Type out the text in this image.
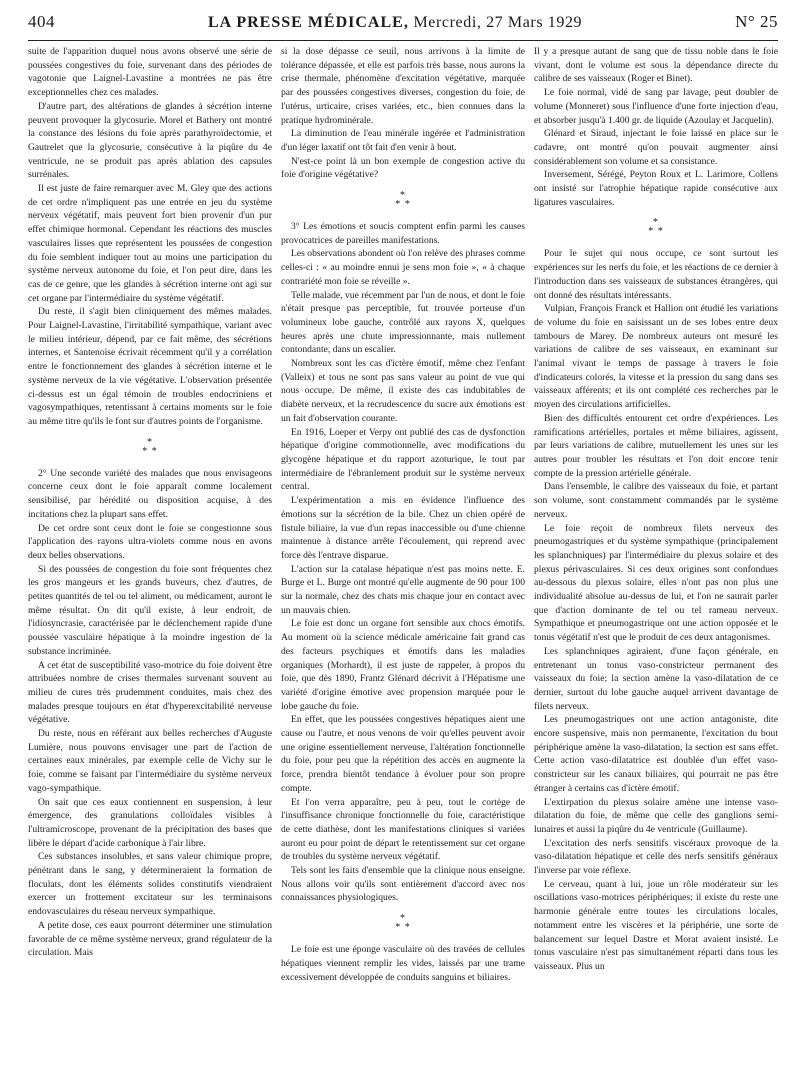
404	LA PRESSE MÉDICALE, Mercredi, 27 Mars 1929	N° 25

suite de l'apparition duquel nous avons observé une série de poussées congestives du foie, survenant dans des périodes de vagotonie que Laignel-Lavastine a montrées ne pas être exceptionnelles chez ces malades.

D'autre part, des altérations de glandes à sécrétion interne peuvent provoquer la glycosurie. Morel et Bathery ont montré la constance des lésions du foie après parathyroïdectomie, et Gautrelet que la glycosurie, consécutive à la piqûre du 4e ventricule, ne se produit pas après ablation des capsules surrénales.

Il est juste de faire remarquer avec M. Gley que des actions de cet ordre n'impliquent pas une entrée en jeu du système nerveux végétatif, mais peuvent fort bien provenir d'un pur effet chimique hormonal. Cependant les réactions des muscles vasculaires lisses que représentent les poussées de congestion du foie semblent indiquer tout au moins une participation du système nerveux autonome du foie, et l'on peut dire, dans les cas de ce genre, que les glandes à sécrétion interne ont agi sur cet organe par l'intermédiaire du système végétatif.

Du reste, il s'agit bien cliniquement des mêmes malades. Pour Laignel-Lavastine, l'irritabilité sympathique, variant avec le milieu intérieur, dépend, par ce fait même, des sécrétions internes, et Santenoise écrivait récemment qu'il y a corrélation entre le fonctionnement des glandes à sécrétion interne et le système nerveux de la vie végétative. L'observation présentée ci-dessus est un égal témoin de troubles endocriniens et vagosympathiques, retentissant à certains moments sur le foie au même titre qu'ils le font sur d'autres points de l'organisme.

*
* *

2° Une seconde variété des malades que nous envisageons concerne ceux dont le foie apparaît comme localement sensibilisé, par hérédité ou disposition acquise, à des incitations chez la plupart sans effet.

De cet ordre sont ceux dont le foie se congestionne sous l'application des rayons ultra-violets comme nous en avons deux belles observations.

Si des poussées de congestion du foie sont fréquentes chez les gros mangeurs et les grands buveurs, chez d'autres, de petites quantités de tel ou tel aliment, ou médicament, auront le même résultat. On dit qu'il existe, à leur endroit, de l'idiosyncrasie, caractérisée par le déclenchement rapide d'une poussée vasculaire hépatique à la moindre ingestion de la substance incriminée.

A cet état de susceptibilité vaso-motrice du foie doivent être attribuées nombre de crises thermales survenant souvent au milieu de cures très prudemment conduites, mais chez des malades presque toujours en état d'hyperexcitabilité nerveuse végétative.

Du reste, nous en référant aux belles recherches d'Auguste Lumière, nous pouvons envisager une part de l'action de certaines eaux minérales, par exemple celle de Vichy sur le foie, comme se faisant par l'intermédiaire du système nerveux vago-sympathique.

On sait que ces eaux contiennent en suspension, à leur émergence, des granulations colloïdales visibles à l'ultramicroscope, provenant de la précipitation des bases que libère le départ d'acide carbonique à l'air libre.

Ces substances insolubles, et sans valeur chimique propre, pénétrant dans le sang, y détermineraient la formation de floculats, dont les éléments solides constitutifs viendraient exercer un frottement excitateur sur les terminaisons endovasculaires du réseau nerveux sympathique.

A petite dose, ces eaux pourront déterminer une stimulation favorable de ce même système nerveux, grand régulateur de la circulation. Mais

si la dose dépasse ce seuil, nous arrivons à la limite de tolérance dépassée, et elle est parfois très basse, nous aurons la crise thermale, phénomène d'excitation végétative, marquée par des poussées congestives diverses, congestion du foie, de l'utérus, urticaire, crises variées, etc., bien connues dans la pratique hydrominérale.

La diminution de l'eau minérale ingérée et l'administration d'un léger laxatif ont tôt fait d'en venir à bout.

N'est-ce point là un bon exemple de congestion active du foie d'origine végétative?

*
* *

3° Les émotions et soucis comptent enfin parmi les causes provocatrices de pareilles manifestations.

Les observations abondent où l'on relève des phrases comme celles-ci : « au moindre ennui je sens mon foie », « à chaque contrariété mon foie se réveille ».

Telle malade, vue récemment par l'un de nous, et dont le foie n'était presque pas perceptible, fut trouvée porteuse d'un volumineux lobe gauche, contrôlé aux rayons X, quelques heures après une chute impressionnante, mais nullement contondante, dans un escalier.

Nombreux sont les cas d'ictère émotif, même chez l'enfant (Valleix) et tous ne sont pas sans valeur au point de vue qui nous occupe. De même, il existe des cas indubitables de diabète nerveux, et la recrudescence du sucre aux émotions est un fait d'observation courante.

En 1916, Loeper et Verpy ont publié des cas de dysfonction hépatique d'origine commotionnelle, avec modifications du glycogène hépatique et du rapport azoturique, le tout par intermédiaire de l'ébranlement produit sur le système nerveux central.

L'expérimentation a mis en évidence l'influence des émotions sur la sécrétion de la bile. Chez un chien opéré de fistule biliaire, la vue d'un repas inaccessible ou d'une chienne maintenue à distance arrête l'écoulement, qui reprend avec force dès l'entrave disparue.

L'action sur la catalase hépatique n'est pas moins nette. E. Burge et L. Burge ont montré qu'elle augmente de 90 pour 100 sur la normale, chez des chats mis chaque jour en contact avec un mauvais chien.

Le foie est donc un organe fort sensible aux chocs émotifs. Au moment où la science médicale américaine fait grand cas des facteurs psychiques et émotifs dans les maladies organiques (Morhardt), il est juste de rappeler, à propos du foie, que dès 1890, Frantz Glénard décrivit à l'Hépatisme une variété d'origine émotive avec propension marquée pour le lobe gauche du foie.

En effet, que les poussées congestives hépatiques aient une cause ou l'autre, et nous venons de voir qu'elles peuvent avoir une origine essentiellement nerveuse, l'altération fonctionnelle du foie, pour peu que la répétition des accès en augmente la force, prendra bientôt tendance à évoluer pour son propre compte.

Et l'on verra apparaître, peu à peu, tout le cortège de l'insuffisance chronique fonctionnelle du foie, caractéristique de cette diathèse, dont les manifestations cliniques si variées auront eu pour point de départ le retentissement sur cet organe de troubles du système nerveux végétatif.

Tels sont les faits d'ensemble que la clinique nous enseigne. Nous allons voir qu'ils sont entièrement d'accord avec nos connaissances physiologiques.

*
* *

Le foie est une éponge vasculaire où des travées de cellules hépatiques viennent remplir les vides, laissés par une trame excessivement développée de conduits sanguins et biliaires.

Il y a presque autant de sang que de tissu noble dans le foie vivant, dont le volume est sous la dépendance directe du calibre de ses vaisseaux (Roger et Binet).

Le foie normal, vidé de sang par lavage, peut doubler de volume (Monneret) sous l'influence d'une forte injection d'eau, et absorber jusqu'à 1.400 gr. de liquide (Azoulay et Jacquelin).

Glénard et Siraud, injectant le foie laissé en place sur le cadavre, ont montré qu'on pouvait augmenter ainsi considérablement son volume et sa consistance.

Inversement, Sérégé, Peyton Roux et L. Larimore, Collens ont insisté sur l'atrophie hépatique rapide consécutive aux ligatures vasculaires.

*
* *

Pour le sujet qui nous occupe, ce sont surtout les expériences sur les nerfs du foie, et les réactions de ce dernier à l'introduction dans ses vaisseaux de substances étrangères, qui ont donné des résultats intéressants.

Vulpian, François Franck et Hallion ont étudié les variations de volume du foie en saisissant un de ses lobes entre deux tambours de Marey. De nombreux auteurs ont mesuré les variations de calibre de ses vaisseaux, en examinant sur l'animal vivant le temps de passage à travers le foie d'indicateurs colorés, la vitesse et la pression du sang dans ses vaisseaux afférents; et ils ont complété ces recherches par le moyen des circulations artificielles.

Bien des difficultés entourent cet ordre d'expériences. Les ramifications artérielles, portales et même biliaires, agissent, par leurs variations de calibre, mutuellement les unes sur les autres pour troubler les résultats et l'on doit encore tenir compte de la pression artérielle générale.

Dans l'ensemble, le calibre des vaisseaux du foie, et partant son volume, sont constamment commandés par le système nerveux.

Le foie reçoit de nombreux filets nerveux des pneumogastriques et du système sympathique (principalement les splanchniques) par l'intermédiaire du plexus solaire et des plexus périvasculaires. Si ces deux origines sont confondues au-dessous du plexus solaire, elles n'ont pas non plus une individualité absolue au-dessus de lui, et l'on ne saurait parler que d'action dominante de tel ou tel rameau nerveux. Sympathique et pneumogastrique ont une action opposée et le tonus végétatif n'est que le produit de ces deux antagonismes.

Les splanchniques agiraient, d'une façon générale, en entretenant un tonus vaso-constricteur permanent des vaisseaux du foie; la section amène la vaso-dilatation de ce dernier, surtout du lobe gauche auquel arrivent davantage de filets nerveux.

Les pneumogastriques ont une action antagoniste, dite encore suspensive, mais non permanente, l'excitation du bout périphérique amène la vaso-dilatation, la section est sans effet. Cette action vaso-dilatatrice est doublée d'un effet vaso-constricteur sur les canaux biliaires, qui pourrait ne pas être étranger à certains cas d'ictère émotif.

L'extirpation du plexus solaire amène une intense vaso-dilatation du foie, de même que celle des ganglions semi-lunaires et aussi la piqûre du 4e ventricule (Guillaume).

L'excitation des nerfs sensitifs viscéraux provoque de la vaso-dilatation hépatique et celle des nerfs sensitifs généraux l'inverse par voie réflexe.

Le cerveau, quant à lui, joue un rôle modérateur sur les oscillations vaso-motrices périphériques; il existe du reste une harmonie générale entre toutes les circulations locales, notamment entre les viscères et la périphérie, une sorte de balancement sur lequel Dastre et Morat avaient insisté. Le tonus vasculaire n'est pas simultanément réparti dans tous les vaisseaux. Plus un
